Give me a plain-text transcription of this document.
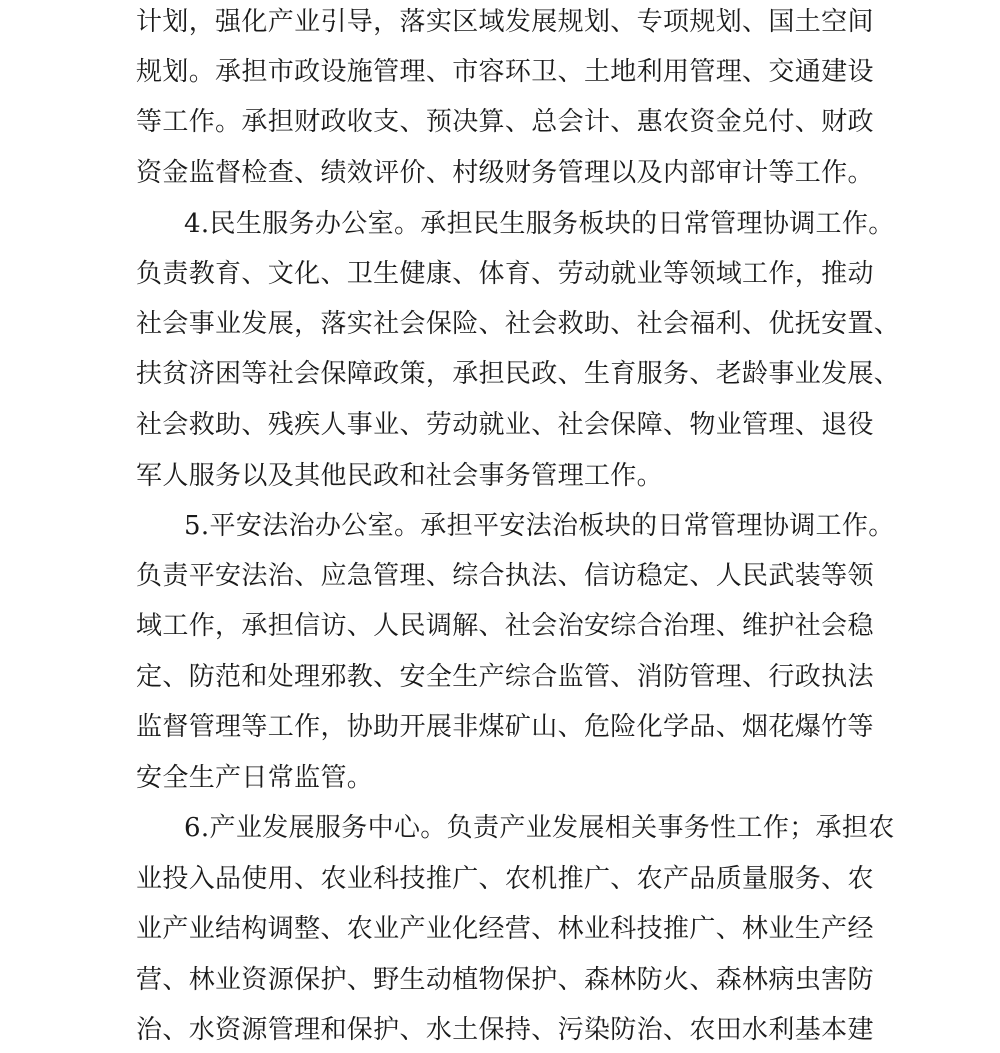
计划，强化产业引导，落实区域发展规划、专项规划、国土空间
规划。承担市政设施管理、市容环卫、土地利用管理、交通建设
等工作。承担财政收支、预决算、总会计、惠农资金兑付、财政
资金监督检查、绩效评价、村级财务管理以及内部审计等工作。
4.民生服务办公室。承担民生服务板块的日常管理协调工作。
负责教育、文化、卫生健康、体育、劳动就业等领域工作，推动
社会事业发展，落实社会保险、社会救助、社会福利、优抚安置、
扶贫济困等社会保障政策，承担民政、生育服务、老龄事业发展、
社会救助、残疾人事业、劳动就业、社会保障、物业管理、退役
军人服务以及其他民政和社会事务管理工作。
5.平安法治办公室。承担平安法治板块的日常管理协调工作。
负责平安法治、应急管理、综合执法、信访稳定、人民武装等领
域工作，承担信访、人民调解、社会治安综合治理、维护社会稳
定、防范和处理邪教、安全生产综合监管、消防管理、行政执法
监督管理等工作，协助开展非煤矿山、危险化学品、烟花爆竹等
安全生产日常监管。
6.产业发展服务中心。负责产业发展相关事务性工作；承担农
业投入品使用、农业科技推广、农机推广、农产品质量服务、农
业产业结构调整、农业产业化经营、林业科技推广、林业生产经
营、林业资源保护、野生动植物保护、森林防火、森林病虫害防
治、水资源管理和保护、水土保持、污染防治、农田水利基本建
